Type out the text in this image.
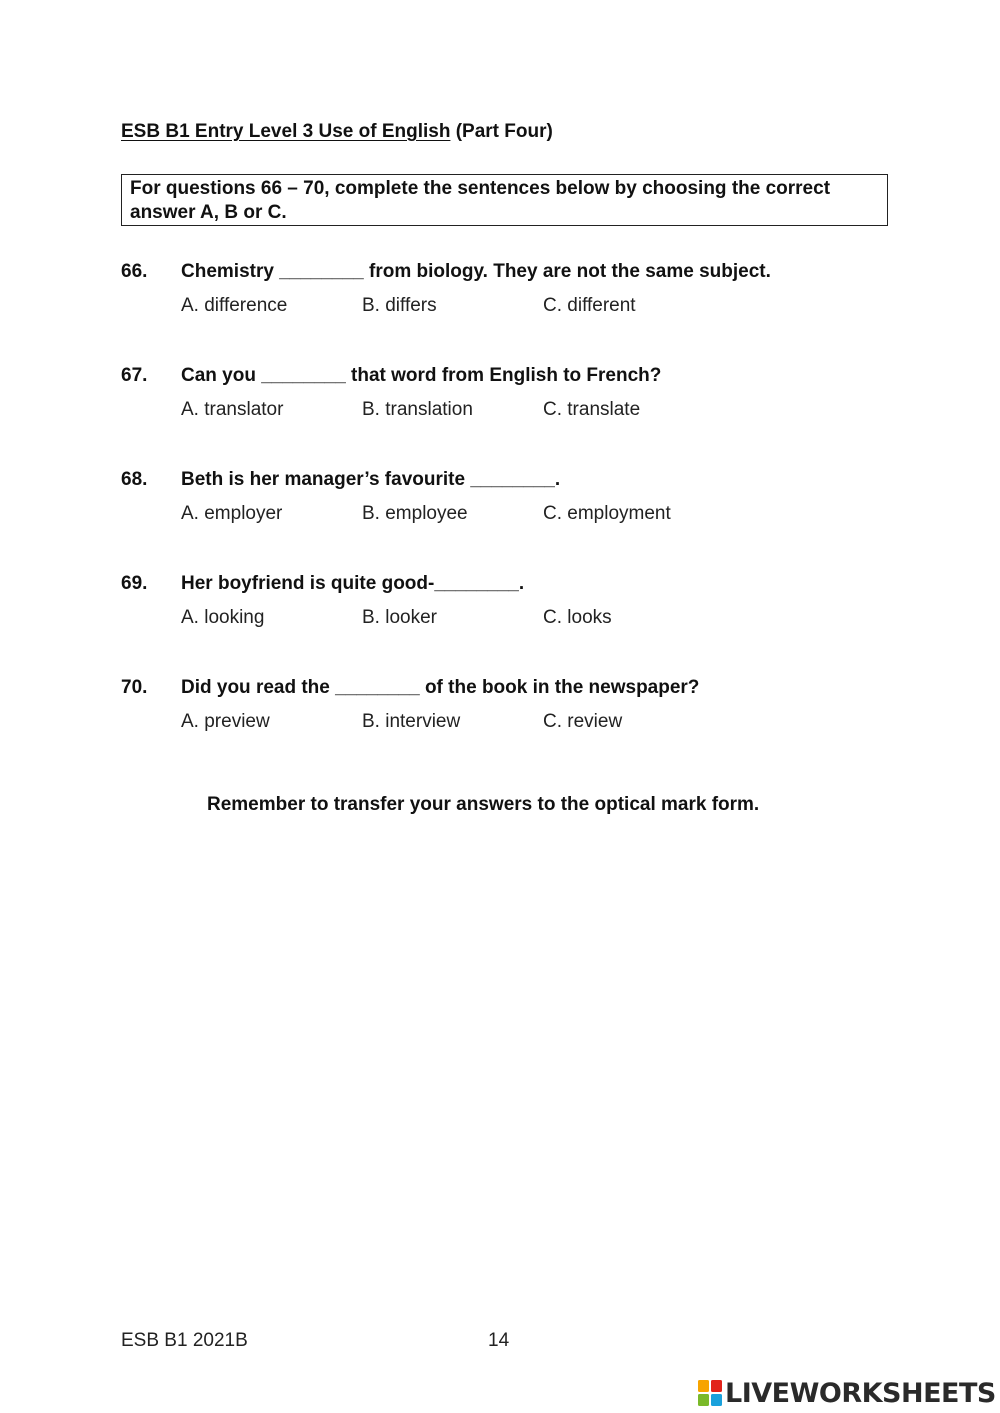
ESB B1 Entry Level 3 Use of English (Part Four)
For questions 66 – 70, complete the sentences below by choosing the correct answer A, B or C.
66. Chemistry ________ from biology. They are not the same subject.
A. difference	B. differs	C. different
67. Can you ________ that word from English to French?
A. translator	B. translation	C. translate
68. Beth is her manager’s favourite ________.
A. employer	B. employee	C. employment
69. Her boyfriend is quite good-________.
A. looking	B. looker	C. looks
70. Did you read the ________ of the book in the newspaper?
A. preview	B. interview	C. review
Remember to transfer your answers to the optical mark form.
ESB B1 2021B	14
LIVEWORKSHEETS
